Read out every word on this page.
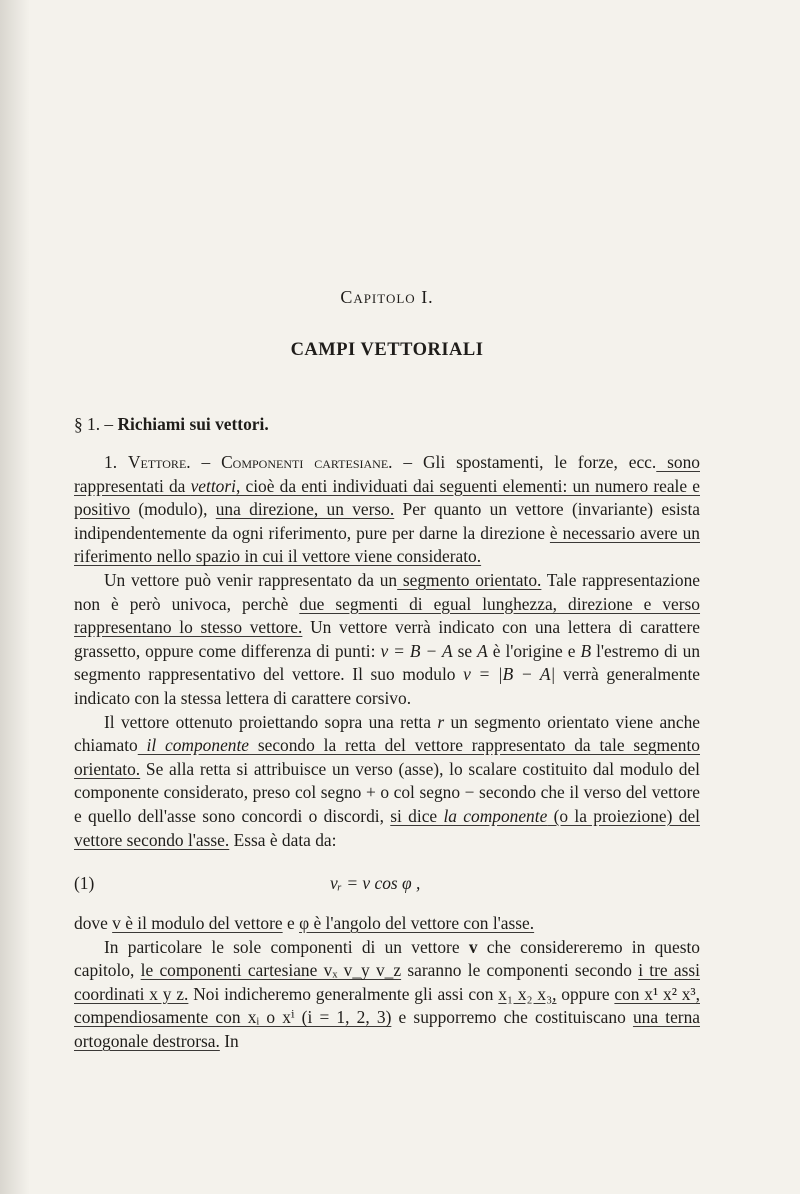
Capitolo I.
CAMPI VETTORIALI
§ 1. – Richiami sui vettori.

1. Vettore. – Componenti cartesiane. – Gli spostamenti, le forze, ecc. sono rappresentati da vettori, cioè da enti individuati dai seguenti elementi: un numero reale e positivo (modulo), una direzione, un verso. Per quanto un vettore (invariante) esista indipendentemente da ogni riferimento, pure per darne la direzione è necessario avere un riferimento nello spazio in cui il vettore viene considerato.

Un vettore può venir rappresentato da un segmento orientato. Tale rappresentazione non è però univoca, perchè due segmenti di egual lunghezza, direzione e verso rappresentano lo stesso vettore. Un vettore verrà indicato con una lettera di carattere grassetto, oppure come differenza di punti: v = B − A se A è l'origine e B l'estremo di un segmento rappresentativo del vettore. Il suo modulo v = |B − A| verrà generalmente indicato con la stessa lettera di carattere corsivo.

Il vettore ottenuto proiettando sopra una retta r un segmento orientato viene anche chiamato il componente secondo la retta del vettore rappresentato da tale segmento orientato. Se alla retta si attribuisce un verso (asse), lo scalare costituito dal modulo del componente considerato, preso col segno + o col segno − secondo che il verso del vettore e quello dell'asse sono concordi o discordi, si dice la componente (o la proiezione) del vettore secondo l'asse. Essa è data da:

(1)	vᵣ = v cos φ ,

dove v è il modulo del vettore e φ è l'angolo del vettore con l'asse.

In particolare le sole componenti di un vettore v che considereremo in questo capitolo, le componenti cartesiane vₓ v_y v_z saranno le componenti secondo i tre assi coordinati x y z. Noi indicheremo generalmente gli assi con x₁ x₂ x₃, oppure con x¹ x² x³, compendiosamente con xᵢ o xⁱ (i = 1, 2, 3) e supporremo che costituiscano una terna ortogonale destrorsa. In
